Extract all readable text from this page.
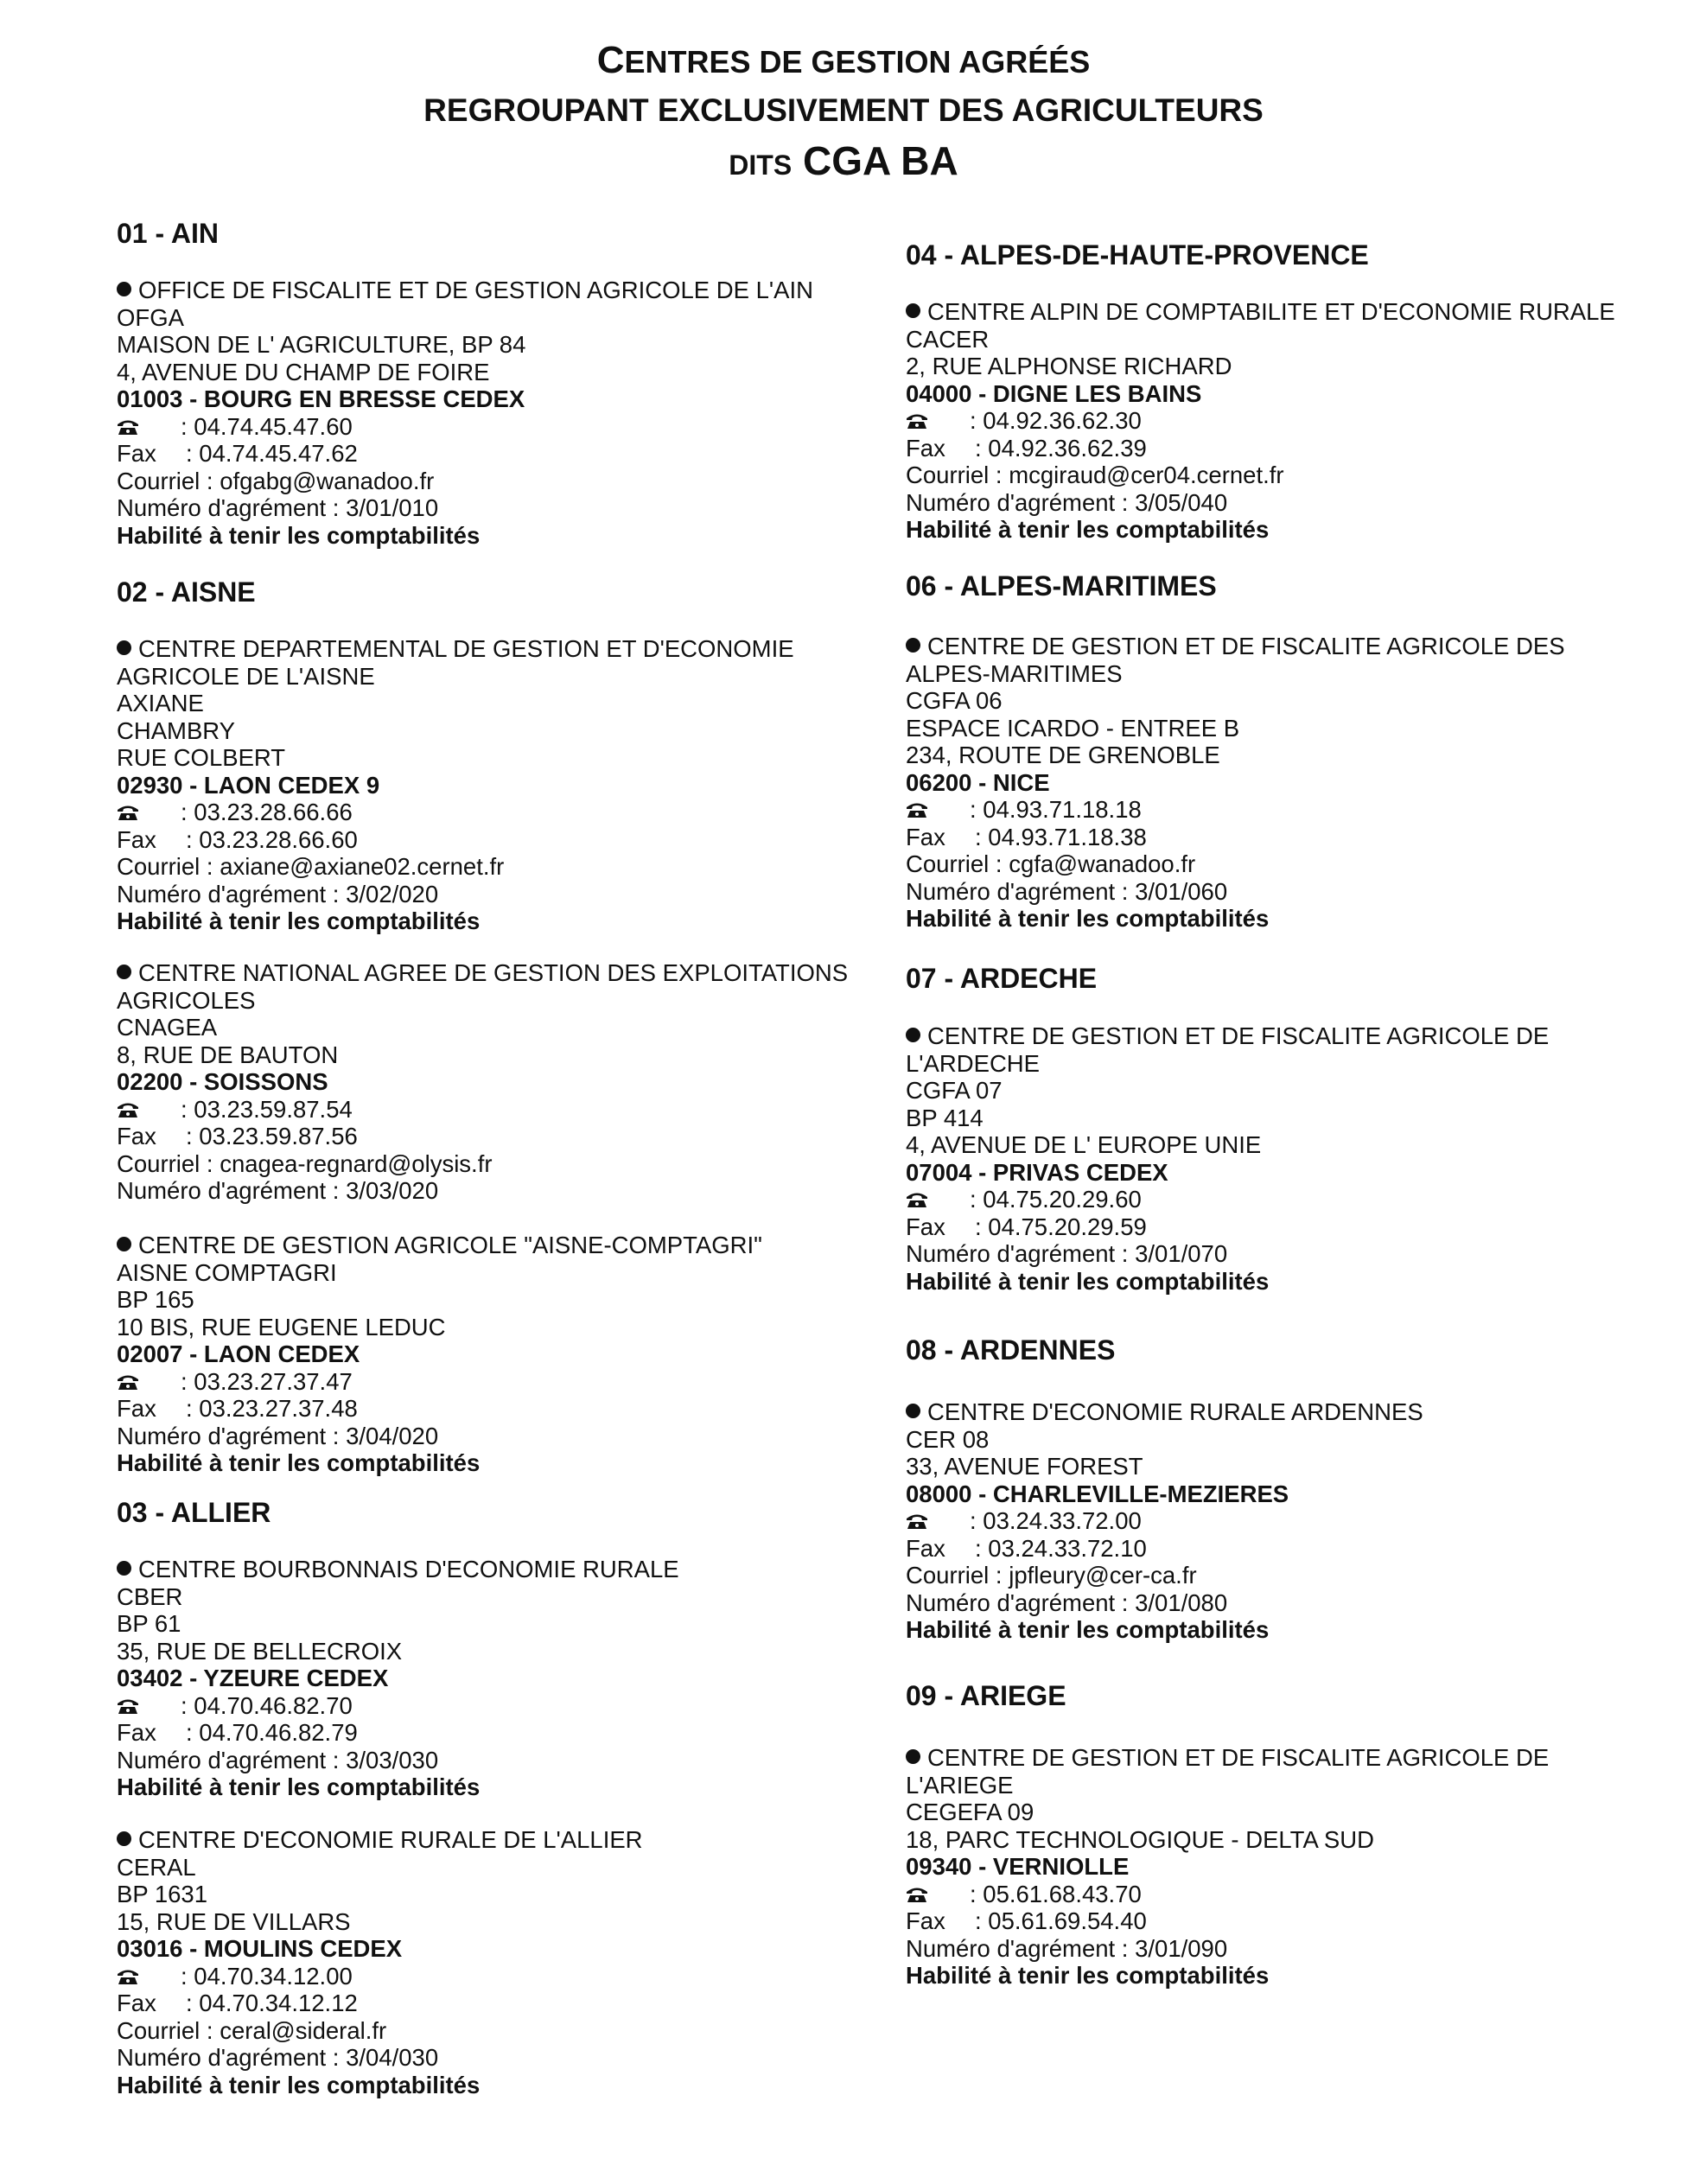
CENTRES DE GESTION AGRÉÉS
REGROUPANT EXCLUSIVEMENT DES AGRICULTEURS
DITS CGA BA
01 - AIN
OFFICE DE FISCALITE ET DE GESTION AGRICOLE DE L'AIN
OFGA
MAISON DE L' AGRICULTURE, BP 84
4, AVENUE DU CHAMP DE FOIRE
01003 - BOURG EN BRESSE CEDEX
: 04.74.45.47.60
Fax : 04.74.45.47.62
Courriel : ofgabg@wanadoo.fr
Numéro d'agrément : 3/01/010
Habilité à tenir les comptabilités
02 - AISNE
CENTRE DEPARTEMENTAL DE GESTION ET D'ECONOMIE
AGRICOLE DE L'AISNE
AXIANE
CHAMBRY
RUE COLBERT
02930 - LAON CEDEX 9
: 03.23.28.66.66
Fax : 03.23.28.66.60
Courriel : axiane@axiane02.cernet.fr
Numéro d'agrément : 3/02/020
Habilité à tenir les comptabilités
CENTRE NATIONAL AGREE DE GESTION DES EXPLOITATIONS
AGRICOLES
CNAGEA
8, RUE DE BAUTON
02200 - SOISSONS
: 03.23.59.87.54
Fax : 03.23.59.87.56
Courriel : cnagea-regnard@olysis.fr
Numéro d'agrément : 3/03/020
CENTRE DE GESTION AGRICOLE "AISNE-COMPTAGRI"
AISNE COMPTAGRI
BP 165
10 BIS, RUE EUGENE LEDUC
02007 - LAON CEDEX
: 03.23.27.37.47
Fax : 03.23.27.37.48
Numéro d'agrément : 3/04/020
Habilité à tenir les comptabilités
03 - ALLIER
CENTRE BOURBONNAIS D'ECONOMIE RURALE
CBER
BP 61
35, RUE DE BELLECROIX
03402 - YZEURE CEDEX
: 04.70.46.82.70
Fax : 04.70.46.82.79
Numéro d'agrément : 3/03/030
Habilité à tenir les comptabilités
CENTRE D'ECONOMIE RURALE DE L'ALLIER
CERAL
BP 1631
15, RUE DE VILLARS
03016 - MOULINS CEDEX
: 04.70.34.12.00
Fax : 04.70.34.12.12
Courriel : ceral@sideral.fr
Numéro d'agrément : 3/04/030
Habilité à tenir les comptabilités
04 - ALPES-DE-HAUTE-PROVENCE
CENTRE ALPIN DE COMPTABILITE ET D'ECONOMIE RURALE
CACER
2, RUE ALPHONSE RICHARD
04000 - DIGNE LES BAINS
: 04.92.36.62.30
Fax : 04.92.36.62.39
Courriel : mcgiraud@cer04.cernet.fr
Numéro d'agrément : 3/05/040
Habilité à tenir les comptabilités
06 - ALPES-MARITIMES
CENTRE DE GESTION ET DE FISCALITE AGRICOLE DES
ALPES-MARITIMES
CGFA 06
ESPACE ICARDO - ENTREE B
234, ROUTE DE GRENOBLE
06200 - NICE
: 04.93.71.18.18
Fax : 04.93.71.18.38
Courriel : cgfa@wanadoo.fr
Numéro d'agrément : 3/01/060
Habilité à tenir les comptabilités
07 - ARDECHE
CENTRE DE GESTION ET DE FISCALITE AGRICOLE DE
L'ARDECHE
CGFA 07
BP 414
4, AVENUE DE L' EUROPE UNIE
07004 - PRIVAS CEDEX
: 04.75.20.29.60
Fax : 04.75.20.29.59
Numéro d'agrément : 3/01/070
Habilité à tenir les comptabilités
08 - ARDENNES
CENTRE D'ECONOMIE RURALE ARDENNES
CER 08
33, AVENUE FOREST
08000 - CHARLEVILLE-MEZIERES
: 03.24.33.72.00
Fax : 03.24.33.72.10
Courriel : jpfleury@cer-ca.fr
Numéro d'agrément : 3/01/080
Habilité à tenir les comptabilités
09 - ARIEGE
CENTRE DE GESTION ET DE FISCALITE AGRICOLE DE
L'ARIEGE
CEGEFA 09
18, PARC TECHNOLOGIQUE - DELTA SUD
09340 - VERNIOLLE
: 05.61.68.43.70
Fax : 05.61.69.54.40
Numéro d'agrément : 3/01/090
Habilité à tenir les comptabilités
